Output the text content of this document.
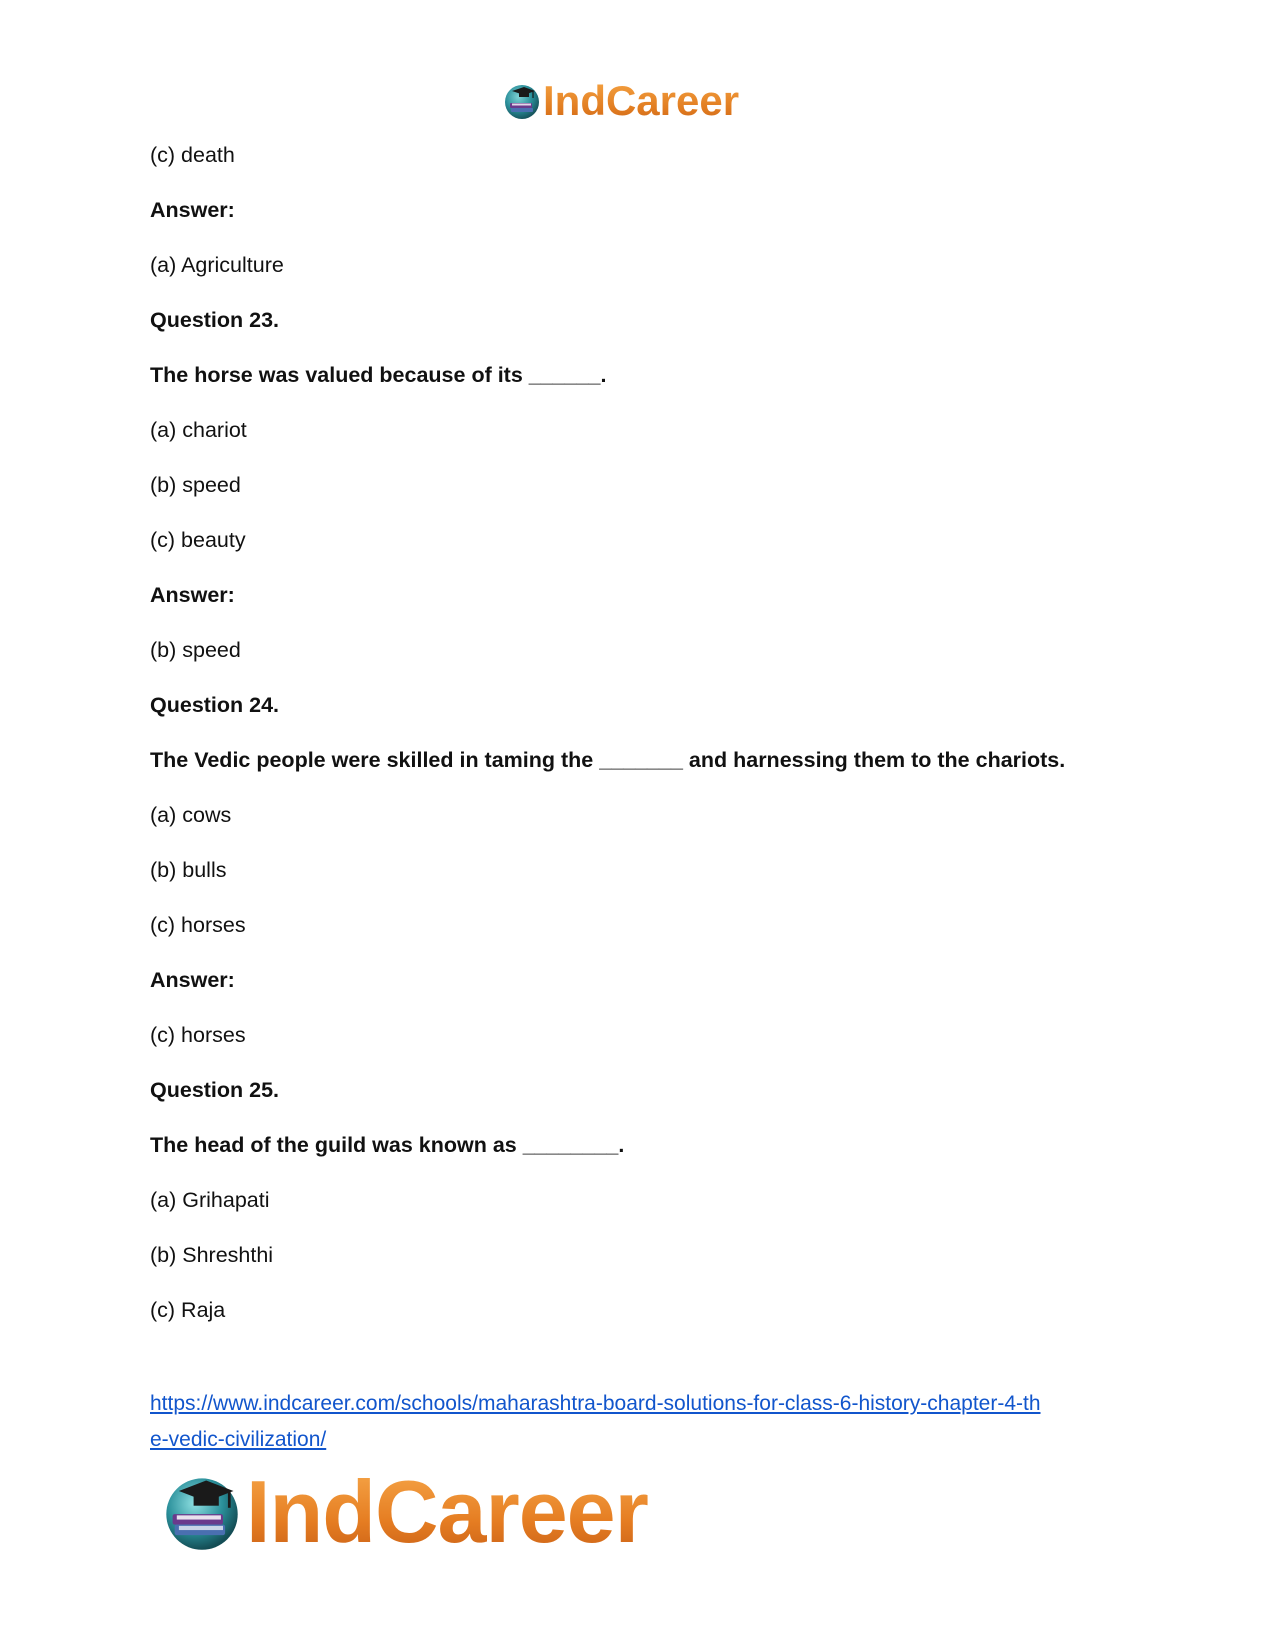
IndCareer
(c) death
Answer:
(a) Agriculture
Question 23.
The horse was valued because of its ______.
(a) chariot
(b) speed
(c) beauty
Answer:
(b) speed
Question 24.
The Vedic people were skilled in taming the _______ and harnessing them to the chariots.
(a) cows
(b) bulls
(c) horses
Answer:
(c) horses
Question 25.
The head of the guild was known as ________.
(a) Grihapati
(b) Shreshthi
(c) Raja
https://www.indcareer.com/schools/maharashtra-board-solutions-for-class-6-history-chapter-4-th
e-vedic-civilization/
IndCareer
